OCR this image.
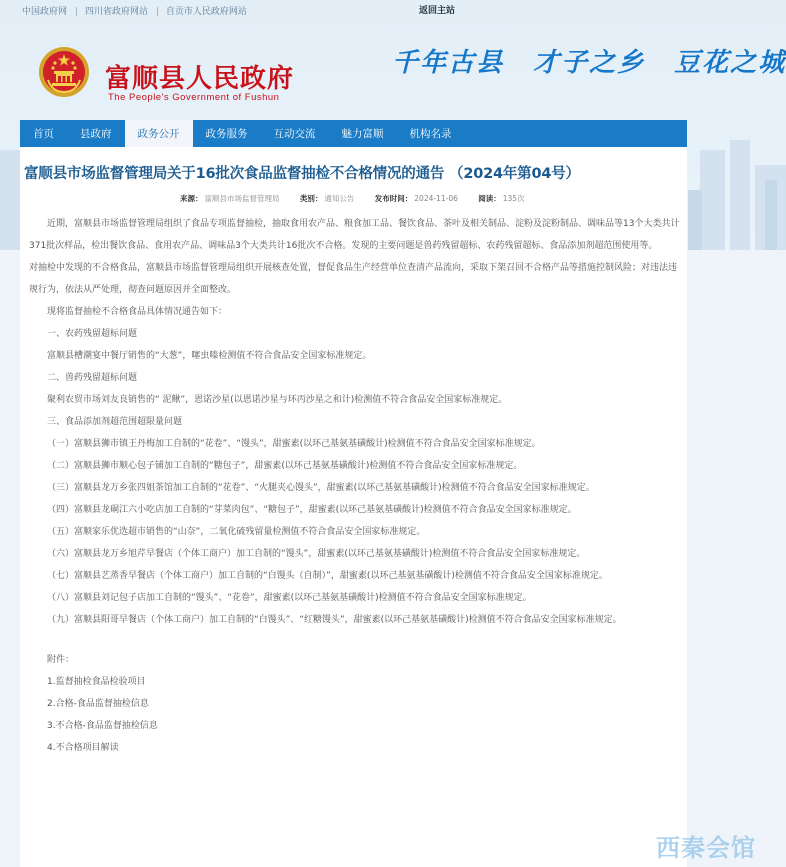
中国政府网 | 四川省政府网站 | 自贡市人民政府网站	返回主站
富顺县人民政府
The People's Government of Fushun
千年古县 才子之乡 豆花之城
首页	县政府	政务公开	政务服务	互动交流	魅力富顺	机构名录
富顺县市场监督管理局关于16批次食品监督抽检不合格情况的通告 （2024年第04号）
来源： 富顺县市场监督管理局	类别： 通知公告	发布时间： 2024-11-06	阅读： 135次

近期，富顺县市场监督管理局组织了食品专项监督抽检，抽取食用农产品、粮食加工品、餐饮食品、茶叶及相关制品、淀粉及淀粉制品、调味品等13个大类共计371批次样品，检出餐饮食品、食用农产品、调味品3个大类共计16批次不合格。发现的主要问题是兽药残留超标、农药残留超标、食品添加剂超范围使用等。

对抽检中发现的不合格食品，富顺县市场监督管理局组织开展核查处置，督促食品生产经营单位查清产品流向，采取下架召回不合格产品等措施控制风险；对违法违规行为，依法从严处理，彻查问题原因并全面整改。

现将监督抽检不合格食品具体情况通告如下：

一、农药残留超标问题

富顺县槽潮宴中餐厅销售的“大葱”，噻虫嗪检测值不符合食品安全国家标准规定。

二、兽药残留超标问题

聚利农贸市场刘友良销售的“ 泥鳅”，恩诺沙星(以恩诺沙星与环丙沙星之和计)检测值不符合食品安全国家标准规定。

三、食品添加剂超范围超限量问题

（一）富顺县狮市镇王丹梅加工自制的“花卷”、“馒头”，甜蜜素(以环己基氨基磺酸计)检测值不符合食品安全国家标准规定。

（二）富顺县狮市顺心包子铺加工自制的“糖包子”，甜蜜素(以环己基氨基磺酸计)检测值不符合食品安全国家标准规定。

（三）富顺县龙万乡张四姐茶馆加工自制的“花卷”、“火腿夹心馒头”，甜蜜素(以环己基氨基磺酸计)检测值不符合食品安全国家标准规定。

（四）富顺县龙硐江六小吃店加工自制的“芽菜肉包”、“糖包子”，甜蜜素(以环己基氨基磺酸计)检测值不符合食品安全国家标准规定。

（五）富顺家乐优选超市销售的“山奈”，二氧化硫残留量检测值不符合食品安全国家标准规定。

（六）富顺县龙万乡旭芹早餐店（个体工商户）加工自制的“馒头”，甜蜜素(以环己基氨基磺酸计)检测值不符合食品安全国家标准规定。

（七）富顺县艺蒸香早餐店（个体工商户）加工自制的“白馒头（自制）”，甜蜜素(以环己基氨基磺酸计)检测值不符合食品安全国家标准规定。

（八）富顺县刘记包子店加工自制的“馒头”、“花卷”，甜蜜素(以环己基氨基磺酸计)检测值不符合食品安全国家标准规定。

（九）富顺县阳哥早餐店（个体工商户）加工自制的“白馒头”、“红糖馒头”，甜蜜素(以环己基氨基磺酸计)检测值不符合食品安全国家标准规定。

附件：

1.监督抽检食品检验项目

2.合格-食品监督抽检信息

3.不合格-食品监督抽检信息

4.不合格项目解读

西秦会馆
